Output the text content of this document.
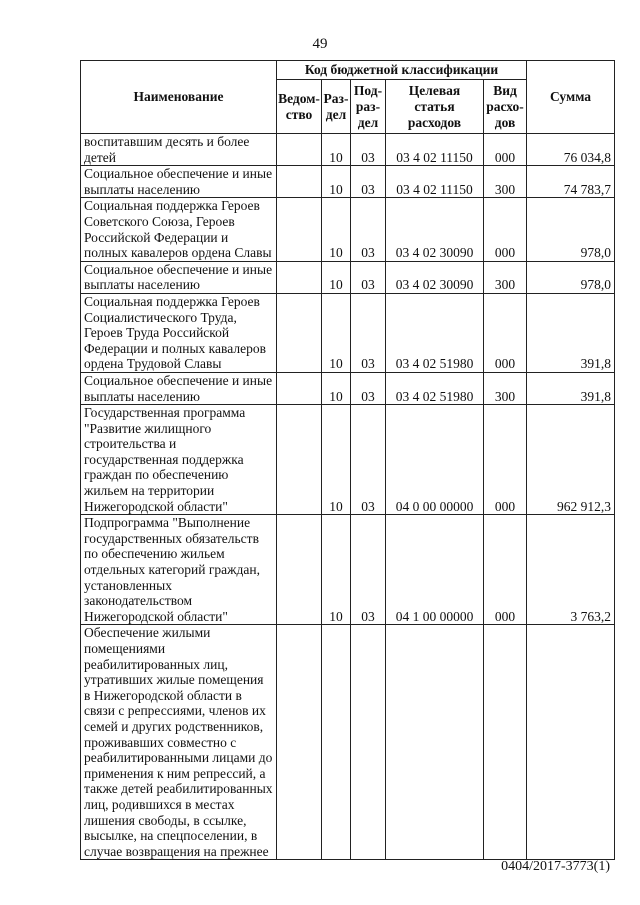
49
Наименование	Код бюджетной классификации					Сумма
	Ведом-ство	Раз-дел	Под-раз-дел	Целевая статья расходов	Вид расхо-дов	
воспитавшим десять и более детей		10	03	03 4 02 11150	000	76 034,8
Социальное обеспечение и иные выплаты населению		10	03	03 4 02 11150	300	74 783,7
Социальная поддержка Героев Советского Союза, Героев Российской Федерации и полных кавалеров ордена Славы		10	03	03 4 02 30090	000	978,0
Социальное обеспечение и иные выплаты населению		10	03	03 4 02 30090	300	978,0
Социальная поддержка Героев Социалистического Труда, Героев Труда Российской Федерации и полных кавалеров ордена Трудовой Славы		10	03	03 4 02 51980	000	391,8
Социальное обеспечение и иные выплаты населению		10	03	03 4 02 51980	300	391,8
Государственная программа "Развитие жилищного строительства и государственная поддержка граждан по обеспечению жильем на территории Нижегородской области"		10	03	04 0 00 00000	000	962 912,3
Подпрограмма "Выполнение государственных обязательств по обеспечению жильем отдельных категорий граждан, установленных законодательством Нижегородской области"		10	03	04 1 00 00000	000	3 763,2
Обеспечение жилыми помещениями реабилитированных лиц, утративших жилые помещения в Нижегородской области в связи с репрессиями, членов их семей и других родственников, проживавших совместно с реабилитированными лицами до применения к ним репрессий, а также детей реабилитированных лиц, родившихся в местах лишения свободы, в ссылке, высылке, на спецпоселении, в случае возвращения на прежнее						
0404/2017-3773(1)
